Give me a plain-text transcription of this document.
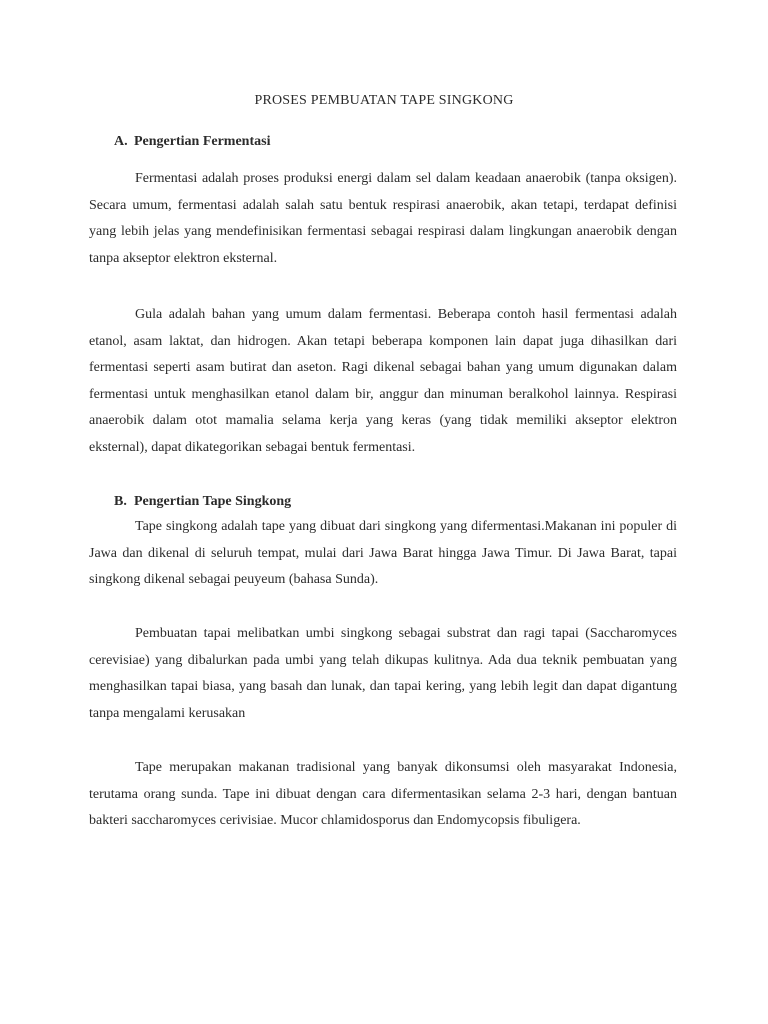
PROSES PEMBUATAN TAPE SINGKONG
A. Pengertian Fermentasi

Fermentasi adalah proses produksi energi dalam sel dalam keadaan anaerobik (tanpa oksigen). Secara umum, fermentasi adalah salah satu bentuk respirasi anaerobik, akan tetapi, terdapat definisi yang lebih jelas yang mendefinisikan fermentasi sebagai respirasi dalam lingkungan anaerobik dengan tanpa akseptor elektron eksternal.

Gula adalah bahan yang umum dalam fermentasi. Beberapa contoh hasil fermentasi adalah etanol, asam laktat, dan hidrogen. Akan tetapi beberapa komponen lain dapat juga dihasilkan dari fermentasi seperti asam butirat dan aseton. Ragi dikenal sebagai bahan yang umum digunakan dalam fermentasi untuk menghasilkan etanol dalam bir, anggur dan minuman beralkohol lainnya. Respirasi anaerobik dalam otot mamalia selama kerja yang keras (yang tidak memiliki akseptor elektron eksternal), dapat dikategorikan sebagai bentuk fermentasi.

B. Pengertian Tape Singkong

Tape singkong adalah tape yang dibuat dari singkong yang difermentasi.Makanan ini populer di Jawa dan dikenal di seluruh tempat, mulai dari Jawa Barat hingga Jawa Timur. Di Jawa Barat, tapai singkong dikenal sebagai peuyeum (bahasa Sunda).

Pembuatan tapai melibatkan umbi singkong sebagai substrat dan ragi tapai (Saccharomyces cerevisiae) yang dibalurkan pada umbi yang telah dikupas kulitnya. Ada dua teknik pembuatan yang menghasilkan tapai biasa, yang basah dan lunak, dan tapai kering, yang lebih legit dan dapat digantung tanpa mengalami kerusakan

Tape merupakan makanan tradisional yang banyak dikonsumsi oleh masyarakat Indonesia, terutama orang sunda. Tape ini dibuat dengan cara difermentasikan selama 2-3 hari, dengan bantuan bakteri saccharomyces cerivisiae. Mucor chlamidosporus dan Endomycopsis fibuligera.
